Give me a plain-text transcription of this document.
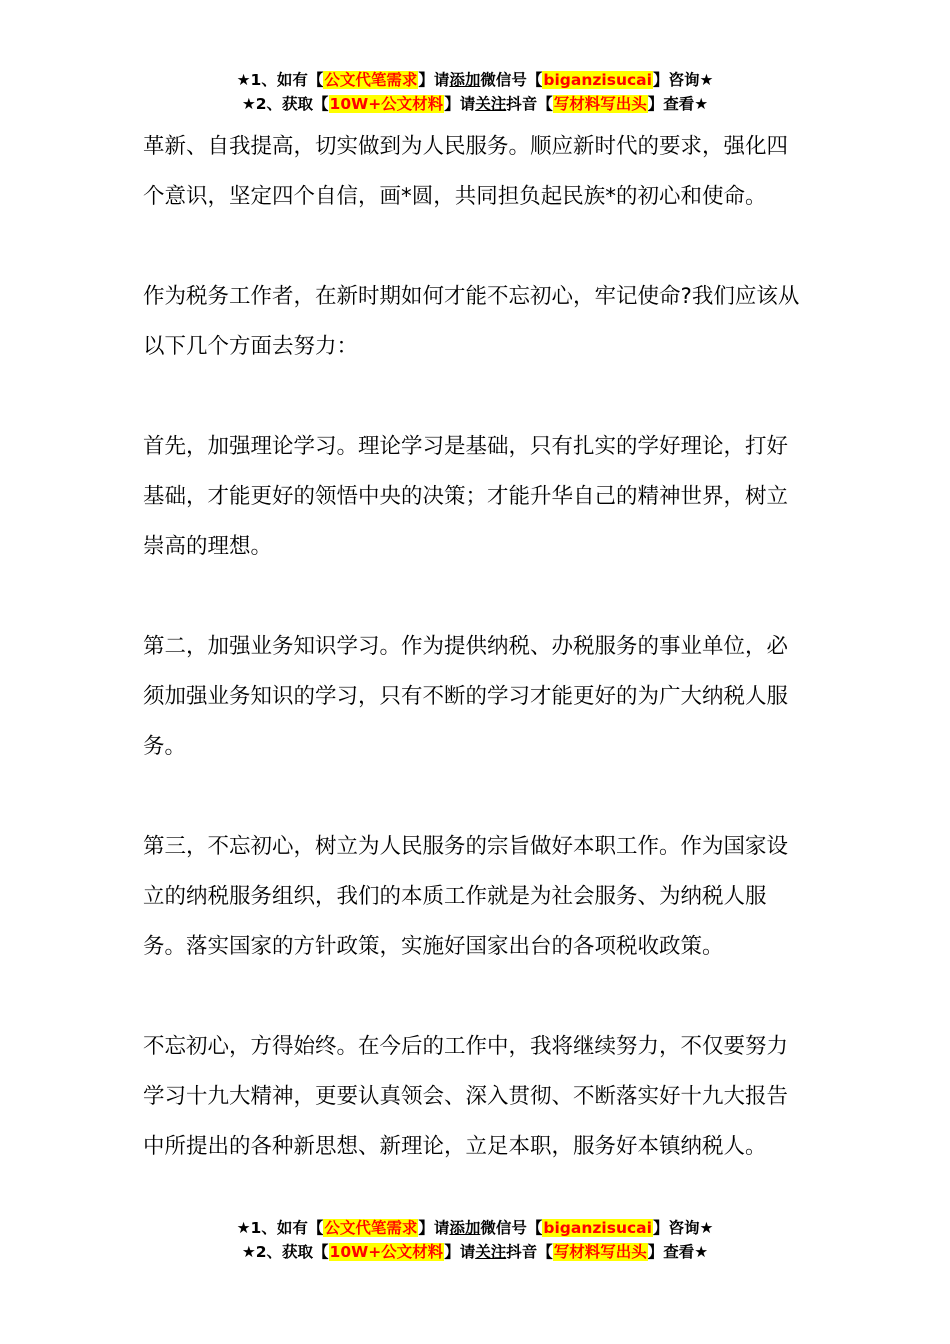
★1、如有【公文代笔需求】请添加微信号【biganzisucai】咨询★
★2、获取【10W+公文材料】请关注抖音【写材料写出头】查看★

革新、自我提高，切实做到为人民服务。顺应新时代的要求，强化四个意识，坚定四个自信，画*圆，共同担负起民族*的初心和使命。

作为税务工作者，在新时期如何才能不忘初心，牢记使命?我们应该从以下几个方面去努力：

首先，加强理论学习。理论学习是基础，只有扎实的学好理论，打好基础，才能更好的领悟中央的决策；才能升华自己的精神世界，树立崇高的理想。

第二，加强业务知识学习。作为提供纳税、办税服务的事业单位，必须加强业务知识的学习，只有不断的学习才能更好的为广大纳税人服务。

第三，不忘初心，树立为人民服务的宗旨做好本职工作。作为国家设立的纳税服务组织，我们的本质工作就是为社会服务、为纳税人服务。落实国家的方针政策，实施好国家出台的各项税收政策。

不忘初心，方得始终。在今后的工作中，我将继续努力，不仅要努力学习十九大精神，更要认真领会、深入贯彻、不断落实好十九大报告中所提出的各种新思想、新理论，立足本职，服务好本镇纳税人。

★1、如有【公文代笔需求】请添加微信号【biganzisucai】咨询★
★2、获取【10W+公文材料】请关注抖音【写材料写出头】查看★
